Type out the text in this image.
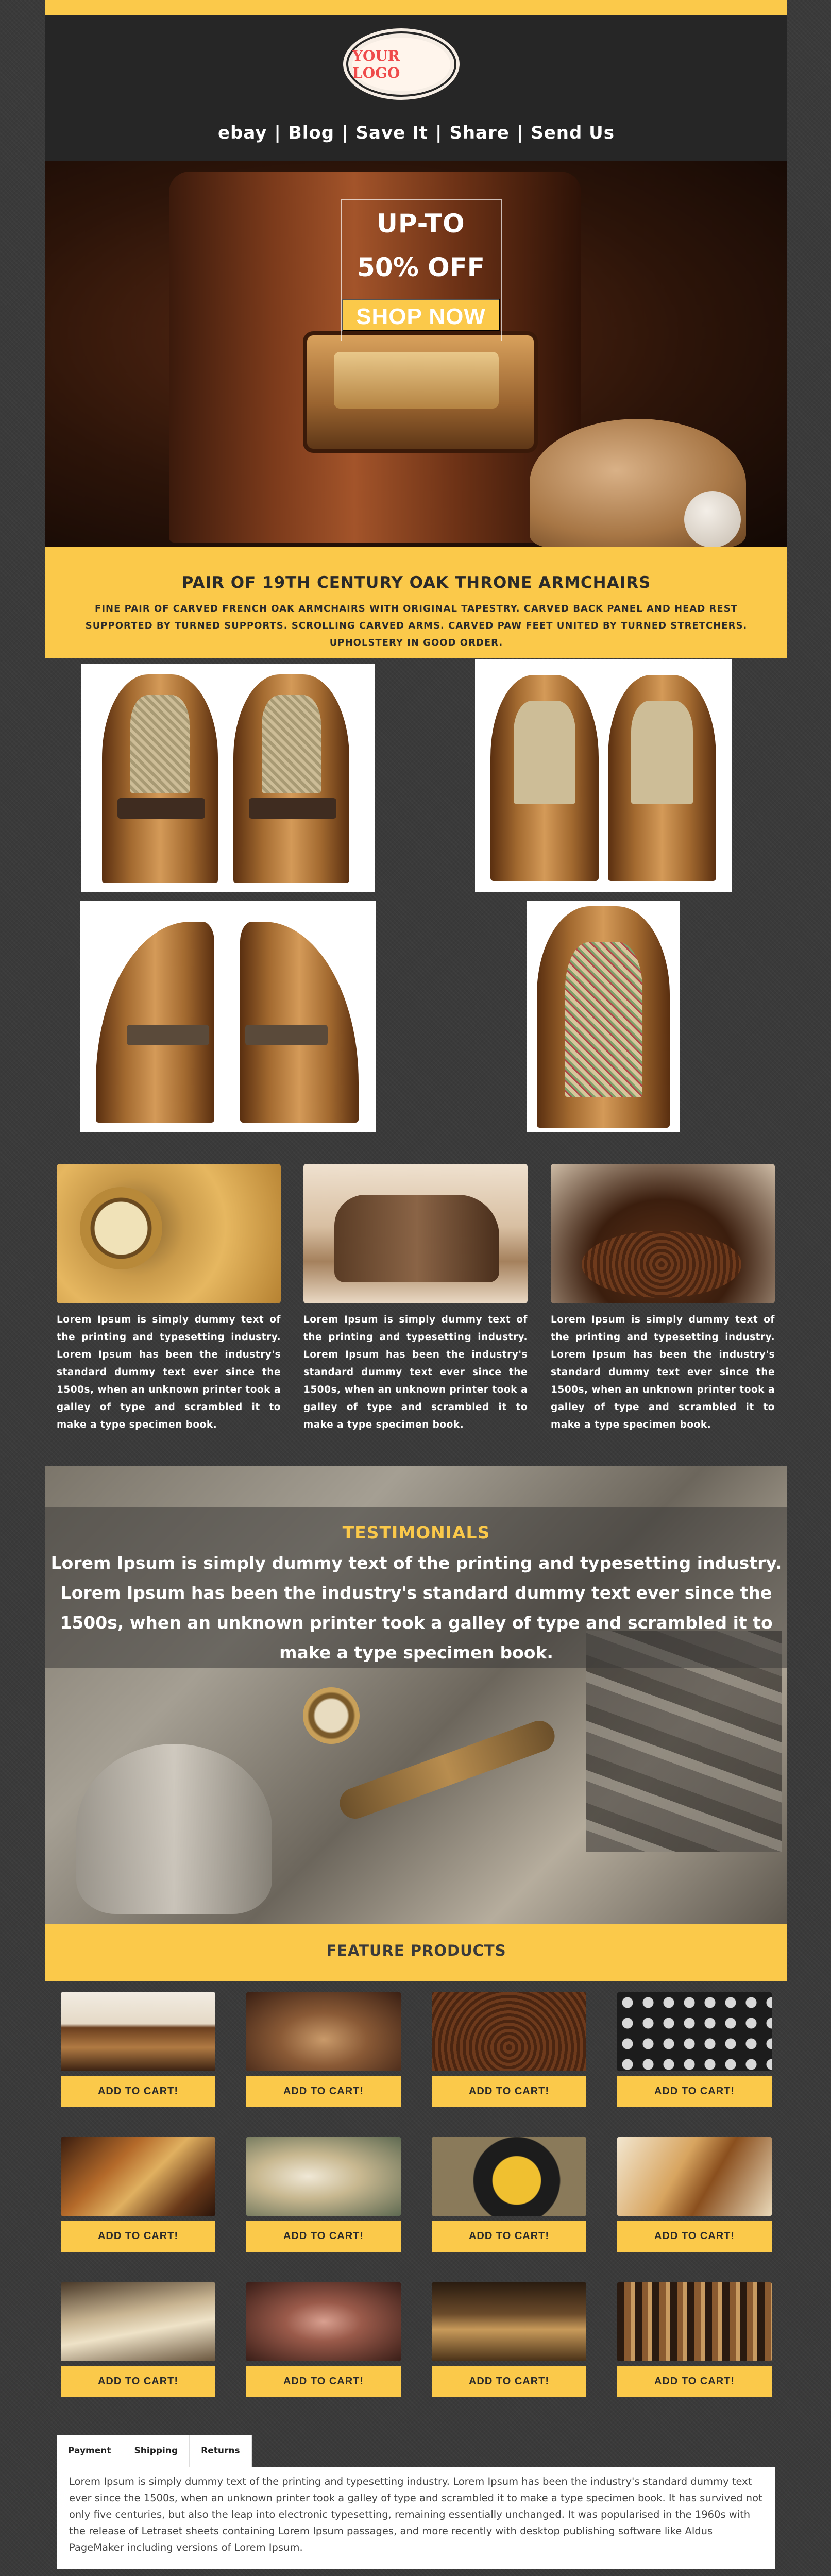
YOUR LOGO
ebay | Blog | Save It | Share | Send Us
UP-TO
50% OFF
SHOP NOW
PAIR OF 19TH CENTURY OAK THRONE ARMCHAIRS
FINE PAIR OF CARVED FRENCH OAK ARMCHAIRS WITH ORIGINAL TAPESTRY. CARVED BACK PANEL AND HEAD REST SUPPORTED BY TURNED SUPPORTS. SCROLLING CARVED ARMS. CARVED PAW FEET UNITED BY TURNED STRETCHERS. UPHOLSTERY IN GOOD ORDER.
Lorem Ipsum is simply dummy text of the printing and typesetting industry. Lorem Ipsum has been the industry's standard dummy text ever since the 1500s, when an unknown printer took a galley of type and scrambled it to make a type specimen book.
Lorem Ipsum is simply dummy text of the printing and typesetting industry. Lorem Ipsum has been the industry's standard dummy text ever since the 1500s, when an unknown printer took a galley of type and scrambled it to make a type specimen book.
Lorem Ipsum is simply dummy text of the printing and typesetting industry. Lorem Ipsum has been the industry's standard dummy text ever since the 1500s, when an unknown printer took a galley of type and scrambled it to make a type specimen book.
TESTIMONIALS
Lorem Ipsum is simply dummy text of the printing and typesetting industry. Lorem Ipsum has been the industry's standard dummy text ever since the 1500s, when an unknown printer took a galley of type and scrambled it to make a type specimen book.
FEATURE PRODUCTS
ADD TO CART!	ADD TO CART!	ADD TO CART!	ADD TO CART!
ADD TO CART!	ADD TO CART!	ADD TO CART!	ADD TO CART!
ADD TO CART!	ADD TO CART!	ADD TO CART!	ADD TO CART!
Payment	Shipping	Returns
Lorem Ipsum is simply dummy text of the printing and typesetting industry. Lorem Ipsum has been the industry's standard dummy text ever since the 1500s, when an unknown printer took a galley of type and scrambled it to make a type specimen book. It has survived not only five centuries, but also the leap into electronic typesetting, remaining essentially unchanged. It was popularised in the 1960s with the release of Letraset sheets containing Lorem Ipsum passages, and more recently with desktop publishing software like Aldus PageMaker including versions of Lorem Ipsum.
